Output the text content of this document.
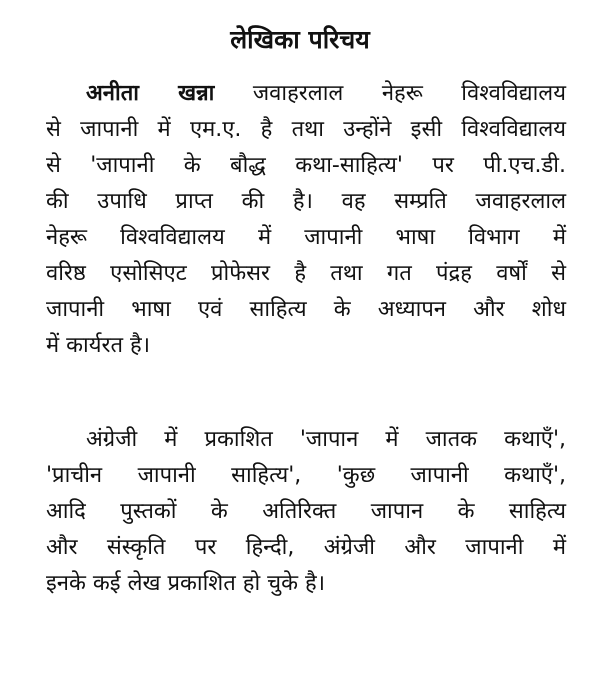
लेखिका परिचय
अनीता खन्ना जवाहरलाल नेहरू विश्वविद्यालय
से जापानी में एम.ए. है तथा उन्होंने इसी विश्वविद्यालय
से 'जापानी के बौद्ध कथा-साहित्य' पर पी.एच.डी.
की उपाधि प्राप्त की है। वह सम्प्रति जवाहरलाल
नेहरू विश्वविद्यालय में जापानी भाषा विभाग में
वरिष्ठ एसोसिएट प्रोफेसर है तथा गत पंद्रह वर्षों से
जापानी भाषा एवं साहित्य के अध्यापन और शोध
में कार्यरत है।
अंग्रेजी में प्रकाशित 'जापान में जातक कथाएँ',
'प्राचीन जापानी साहित्य', 'कुछ जापानी कथाएँ',
आदि पुस्तकों के अतिरिक्त जापान के साहित्य
और संस्कृति पर हिन्दी, अंग्रेजी और जापानी में
इनके कई लेख प्रकाशित हो चुके है।
